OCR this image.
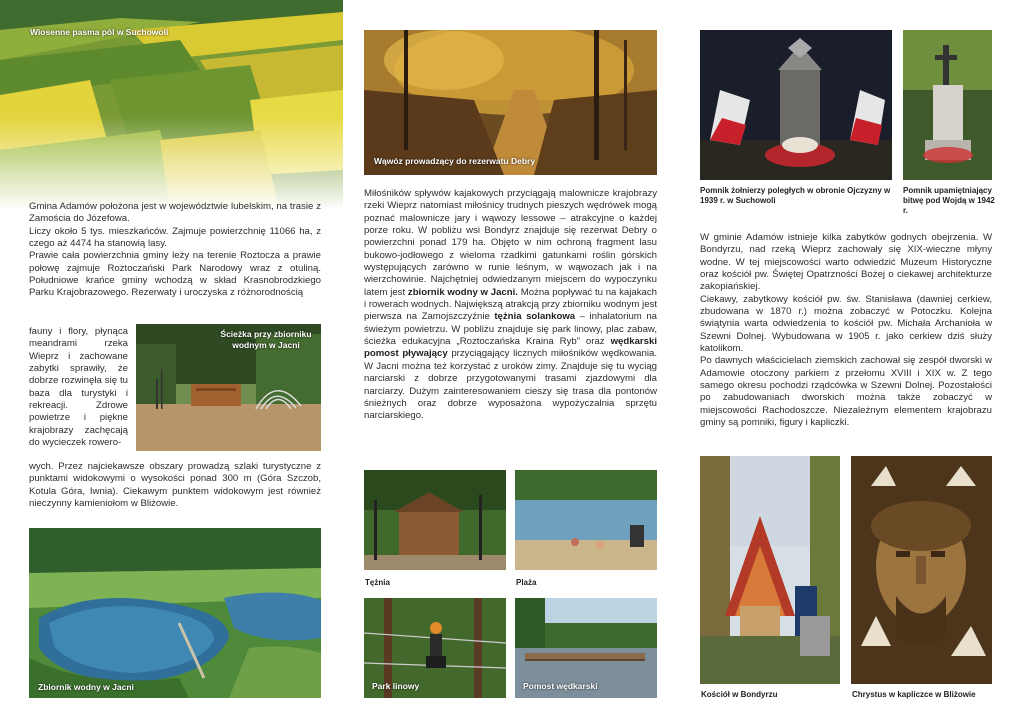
Wiosenne pasma pól w Suchowoli

Gmina Adamów położona jest w województwie lubelskim, na trasie z Zamościa do Józefowa.

Liczy około 5 tys. mieszkańców. Zajmuje powierzchnię 11066 ha, z czego aż 4474 ha stanowią lasy.

Prawie cała powierzchnia gminy leży na terenie Roztocza a prawie połowę zajmuje Roztoczański Park Narodowy wraz z otuliną. Południowe krańce gminy wchodzą w skład Krasnobrodzkiego Parku Krajobrazowego. Rezerwaty i uroczyska z różnorodnością

fauny i flory, płynąca meandrami rzeka Wieprz i zachowane zabytki sprawiły, że dobrze rozwinęła się tu baza dla turystyki i rekreacji. Zdrowe powietrze i piękne krajobrazy zachęcają do wycieczek rowero-
Ścieżka przy zbiorniku wodnym w Jacni
wych. Przez najciekawsze obszary prowadzą szlaki turystyczne z punktami widokowymi o wysokości ponad 300 m (Góra Szczob, Kotula Góra, Iwnia). Ciekawym punktem widokowym jest również nieczynny kamieniołom w Bliżowie.
Zbiornik wodny w Jacni
Wąwóz prowadzący do rezerwatu Debry
Miłośników spływów kajakowych przyciągają malownicze krajobrazy rzeki Wieprz natomiast miłośnicy trudnych pieszych wędrówek mogą poznać malownicze jary i wąwozy lessowe – atrakcyjne o każdej porze roku. W pobliżu wsi Bondyrz znajduje się rezerwat Debry o powierzchni ponad 179 ha. Objęto w nim ochroną fragment lasu bukowo-jodłowego z wieloma rzadkimi gatunkami roślin górskich występujących zarówno w runie leśnym, w wąwozach jak i na wierzchowinie. Najchętniej odwiedzanym miejscem do wypoczynku latem jest zbiornik wodny w Jacni. Można popływać tu na kajakach i rowerach wodnych. Największą atrakcją przy zbiorniku wodnym jest pierwsza na Zamojszczyźnie tężnia solankowa – inhalatorium na świeżym powietrzu. W pobliżu znajduje się park linowy, plac zabaw, ścieżka edukacyjna „Roztoczańska Kraina Ryb” oraz wędkarski pomost pływający przyciągający licznych miłośników wędkowania. W Jacni można też korzystać z uroków zimy. Znajduje się tu wyciąg narciarski z dobrze przygotowanymi trasami zjazdowymi dla narciarzy. Dużym zainteresowaniem cieszy się trasa dla pontonów śnieżnych oraz dobrze wyposażona wypożyczalnia sprzętu narciarskiego.
Tężnia	Plaża
Park linowy	Pomost wędkarski
Pomnik żołnierzy poległych w obronie Ojczyzny w 1939 r. w Suchowoli
Pomnik upamiętniający bitwę pod Wojdą w 1942 r.

W gminie Adamów istnieje kilka zabytków godnych obejrzenia. W Bondyrzu, nad rzeką Wieprz zachowały się XIX-wieczne młyny wodne. W tej miejscowości warto odwiedzić Muzeum Historyczne oraz kościół pw. Świętej Opatrzności Bożej o ciekawej architekturze zakopiańskiej.

Ciekawy, zabytkowy kościół pw. św. Stanisława (dawniej cerkiew, zbudowana w 1870 r.) można zobaczyć w Potoczku. Kolejna świątynia warta odwiedzenia to kościół pw. Michała Archanioła w Szewni Dolnej. Wybudowana w 1905 r. jako cerkiew dziś służy katolikom.

Po dawnych właścicielach ziemskich zachował się zespół dworski w Adamowie otoczony parkiem z przełomu XVIII i XIX w. Z tego samego okresu pochodzi rządcówka w Szewni Dolnej. Pozostałości po zabudowaniach dworskich można także zobaczyć w miejscowości Rachodoszcze. Niezależnym elementem krajobrazu gminy są pomniki, figury i kapliczki.

Kościół w Bondyrzu	Chrystus w kapliczce w Bliżowie
